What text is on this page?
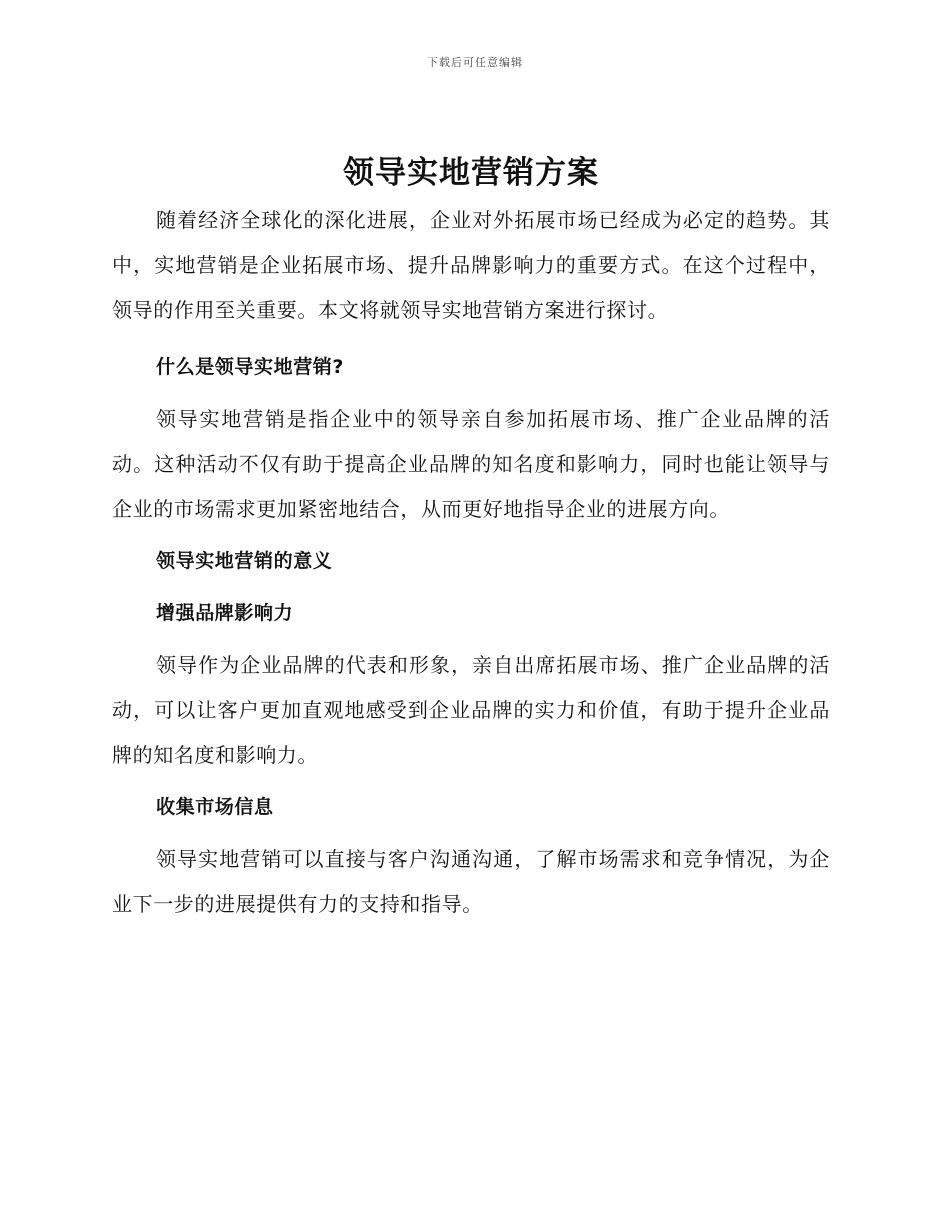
下载后可任意编辑
领导实地营销方案

随着经济全球化的深化进展，企业对外拓展市场已经成为必定的趋势。其中，实地营销是企业拓展市场、提升品牌影响力的重要方式。在这个过程中，领导的作用至关重要。本文将就领导实地营销方案进行探讨。

什么是领导实地营销?

领导实地营销是指企业中的领导亲自参加拓展市场、推广企业品牌的活动。这种活动不仅有助于提高企业品牌的知名度和影响力，同时也能让领导与企业的市场需求更加紧密地结合，从而更好地指导企业的进展方向。

领导实地营销的意义

增强品牌影响力

领导作为企业品牌的代表和形象，亲自出席拓展市场、推广企业品牌的活动，可以让客户更加直观地感受到企业品牌的实力和价值，有助于提升企业品牌的知名度和影响力。

收集市场信息

领导实地营销可以直接与客户沟通沟通，了解市场需求和竞争情况，为企业下一步的进展提供有力的支持和指导。
